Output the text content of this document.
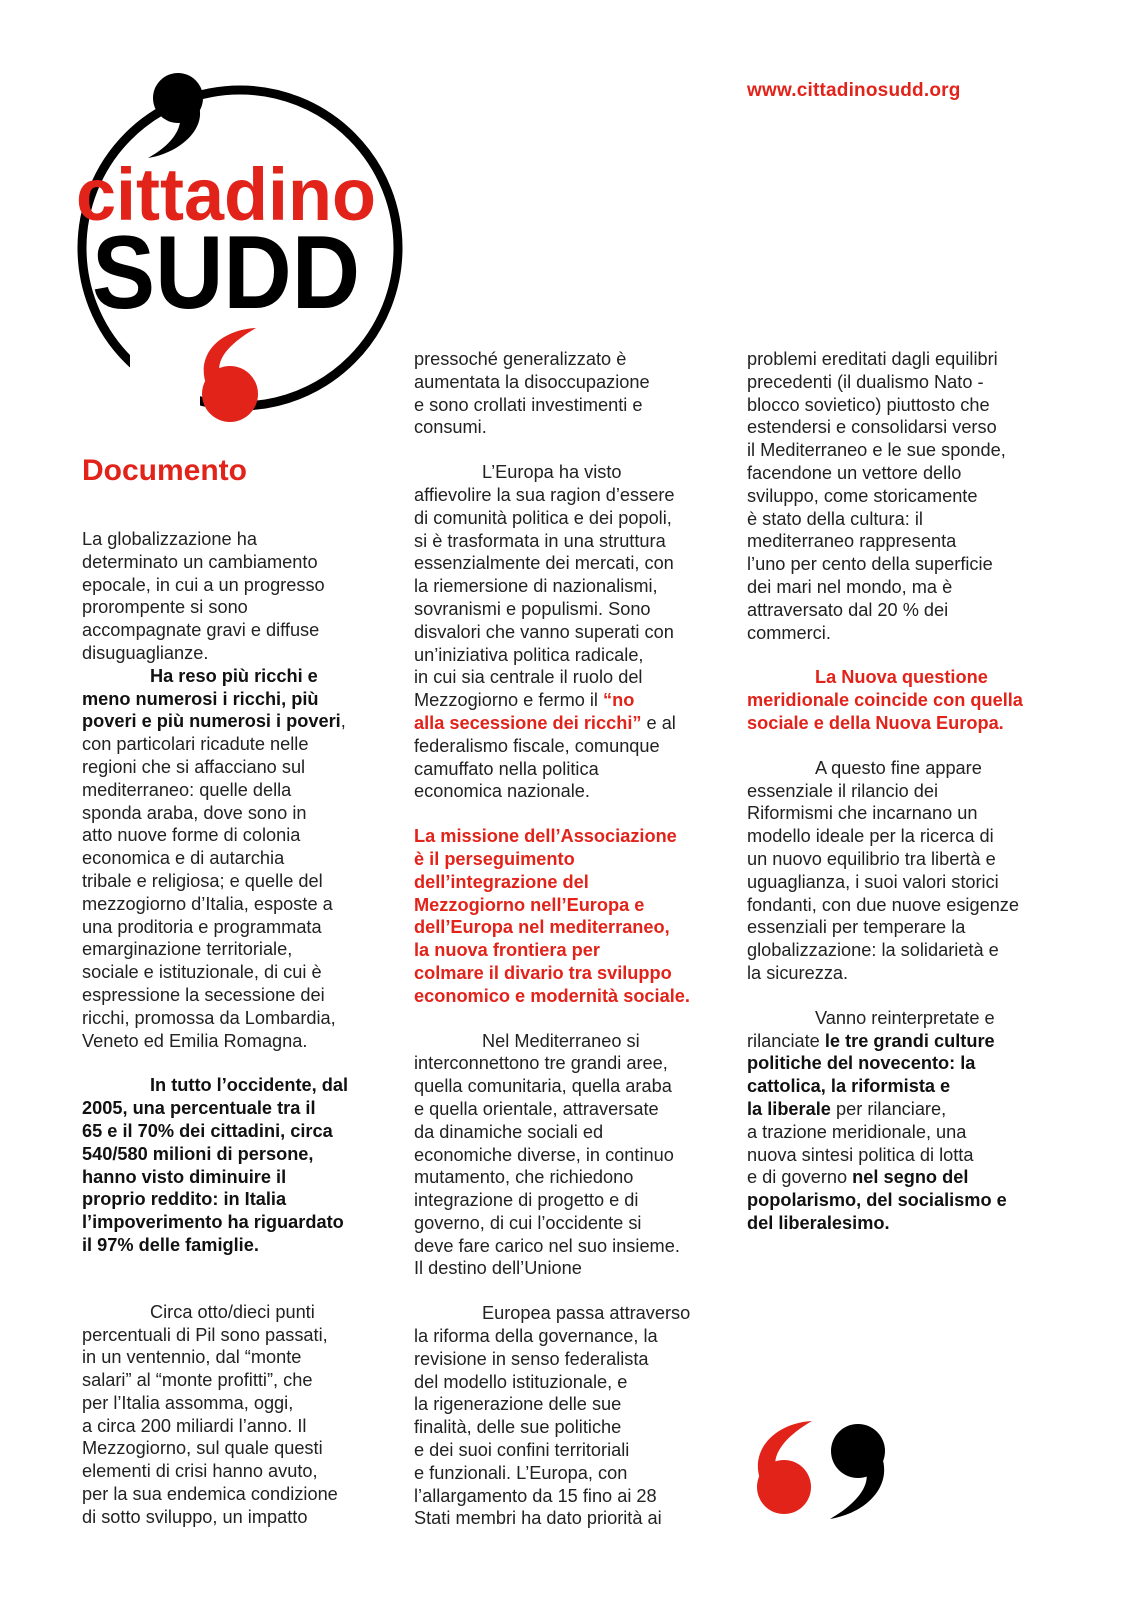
www.cittadinosudd.org
cittadino
SUDD
Documento

La globalizzazione ha
determinato un cambiamento
epocale, in cui a un progresso
prorompente si sono
accompagnate gravi e diffuse
disuguaglianze.

Ha reso più ricchi e
meno numerosi i ricchi, più
poveri e più numerosi i poveri,
con particolari ricadute nelle
regioni che si affacciano sul
mediterraneo: quelle della
sponda araba, dove sono in
atto nuove forme di colonia
economica e di autarchia
tribale e religiosa; e quelle del
mezzogiorno d’Italia, esposte a
una proditoria e programmata
emarginazione territoriale,
sociale e istituzionale, di cui è
espressione la secessione dei
ricchi, promossa da Lombardia,
Veneto ed Emilia Romagna.

In tutto l’occidente, dal
2005, una percentuale tra il
65 e il 70% dei cittadini, circa
540/580 milioni di persone,
hanno visto diminuire il
proprio reddito: in Italia
l’impoverimento ha riguardato
il 97% delle famiglie.

Circa otto/dieci punti
percentuali di Pil sono passati,
in un ventennio, dal “monte
salari” al “monte profitti”, che
per l’Italia assomma, oggi,
a circa 200 miliardi l’anno. Il
Mezzogiorno, sul quale questi
elementi di crisi hanno avuto,
per la sua endemica condizione
di sotto sviluppo, un impatto

pressoché generalizzato è
aumentata la disoccupazione
e sono crollati investimenti e
consumi.

L’Europa ha visto
affievolire la sua ragion d’essere
di comunità politica e dei popoli,
si è trasformata in una struttura
essenzialmente dei mercati, con
la riemersione di nazionalismi,
sovranismi e populismi. Sono
disvalori che vanno superati con
un’iniziativa politica radicale,
in cui sia centrale il ruolo del
Mezzogiorno e fermo il “no
alla secessione dei ricchi” e al
federalismo fiscale, comunque
camuffato nella politica
economica nazionale.

La missione dell’Associazione
è il perseguimento
dell’integrazione del
Mezzogiorno nell’Europa e
dell’Europa nel mediterraneo,
la nuova frontiera per
colmare il divario tra sviluppo
economico e modernità sociale.

Nel Mediterraneo si
interconnettono tre grandi aree,
quella comunitaria, quella araba
e quella orientale, attraversate
da dinamiche sociali ed
economiche diverse, in continuo
mutamento, che richiedono
integrazione di progetto e di
governo, di cui l’occidente si
deve fare carico nel suo insieme.
Il destino dell’Unione

Europea passa attraverso
la riforma della governance, la
revisione in senso federalista
del modello istituzionale, e
la rigenerazione delle sue
finalità, delle sue politiche
e dei suoi confini territoriali
e funzionali. L’Europa, con
l’allargamento da 15 fino ai 28
Stati membri ha dato priorità ai

problemi ereditati dagli equilibri
precedenti (il dualismo Nato -
blocco sovietico) piuttosto che
estendersi e consolidarsi verso
il Mediterraneo e le sue sponde,
facendone un vettore dello
sviluppo, come storicamente
è stato della cultura: il
mediterraneo rappresenta
l’uno per cento della superficie
dei mari nel mondo, ma è
attraversato dal 20 % dei
commerci.

La Nuova questione
meridionale coincide con quella
sociale e della Nuova Europa.

A questo fine appare
essenziale il rilancio dei
Riformismi che incarnano un
modello ideale per la ricerca di
un nuovo equilibrio tra libertà e
uguaglianza, i suoi valori storici
fondanti, con due nuove esigenze
essenziali per temperare la
globalizzazione: la solidarietà e
la sicurezza.

Vanno reinterpretate e
rilanciate le tre grandi culture
politiche del novecento: la
cattolica, la riformista e
la liberale per rilanciare,
a trazione meridionale, una
nuova sintesi politica di lotta
e di governo nel segno del
popolarismo, del socialismo e
del liberalesimo.
